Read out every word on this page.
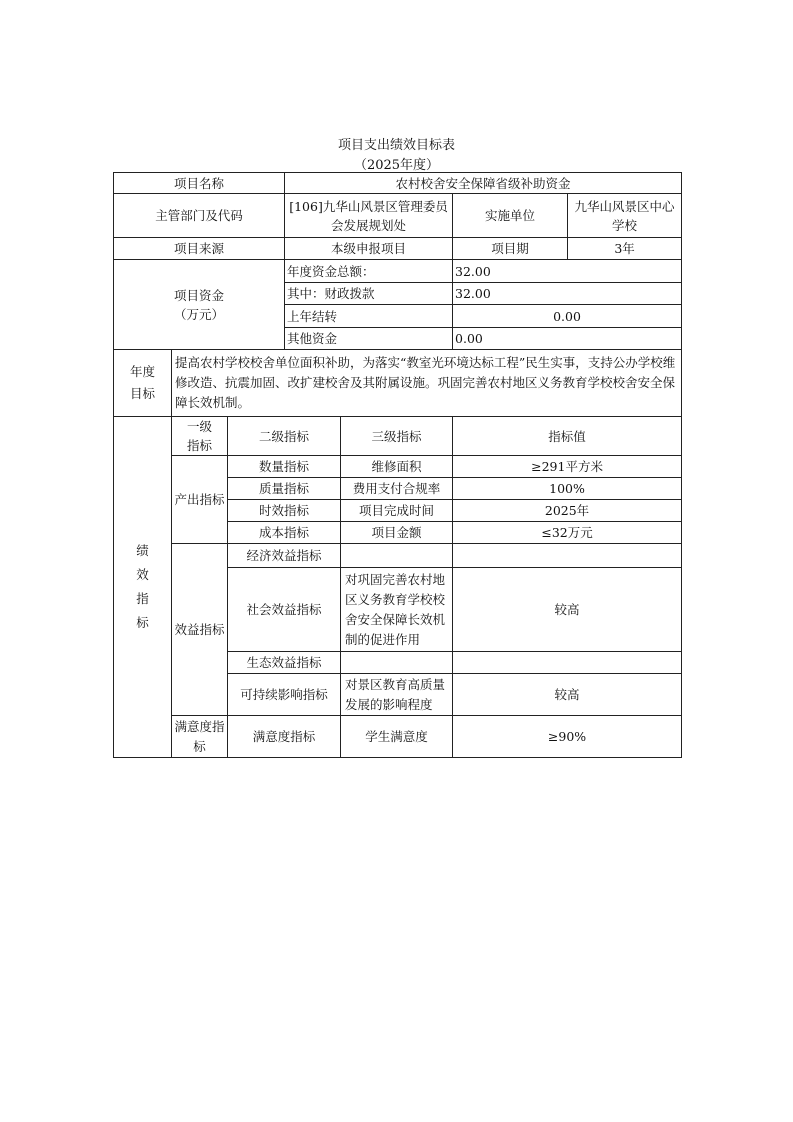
项目支出绩效目标表
（2025年度）
项目名称			农村校舍安全保障省级补助资金			
主管部门及代码			[106]九华山风景区管理委员会发展规划处		实施单位	九华山风景区中心学校
项目来源			本级申报项目		项目期	3年

项目资金
（万元）			年度资金总额：		32.00	
			其中：财政拨款		32.00	
			上年结转		0.00	
			其他资金		0.00	
年度目标	提高农村学校校舍单位面积补助，为落实“教室光环境达标工程”民生实事，支持公办学校维修改造、抗震加固、改扩建校舍及其附属设施。巩固完善农村地区义务教育学校校舍安全保障长效机制。					
绩效指标	一级指标	二级指标		三级指标	指标值	
	产出指标	数量指标		维修面积	≥291平方米	
		质量指标		费用支付合规率	100%	
		时效指标		项目完成时间	2025年	
		成本指标		项目金额	≤32万元	
	效益指标	经济效益指标				
		社会效益指标		对巩固完善农村地区义务教育学校校舍安全保障长效机制的促进作用	较高	
		生态效益指标				
		可持续影响指标		对景区教育高质量发展的影响程度	较高	
	满意度指标	满意度指标		学生满意度	≥90%	
